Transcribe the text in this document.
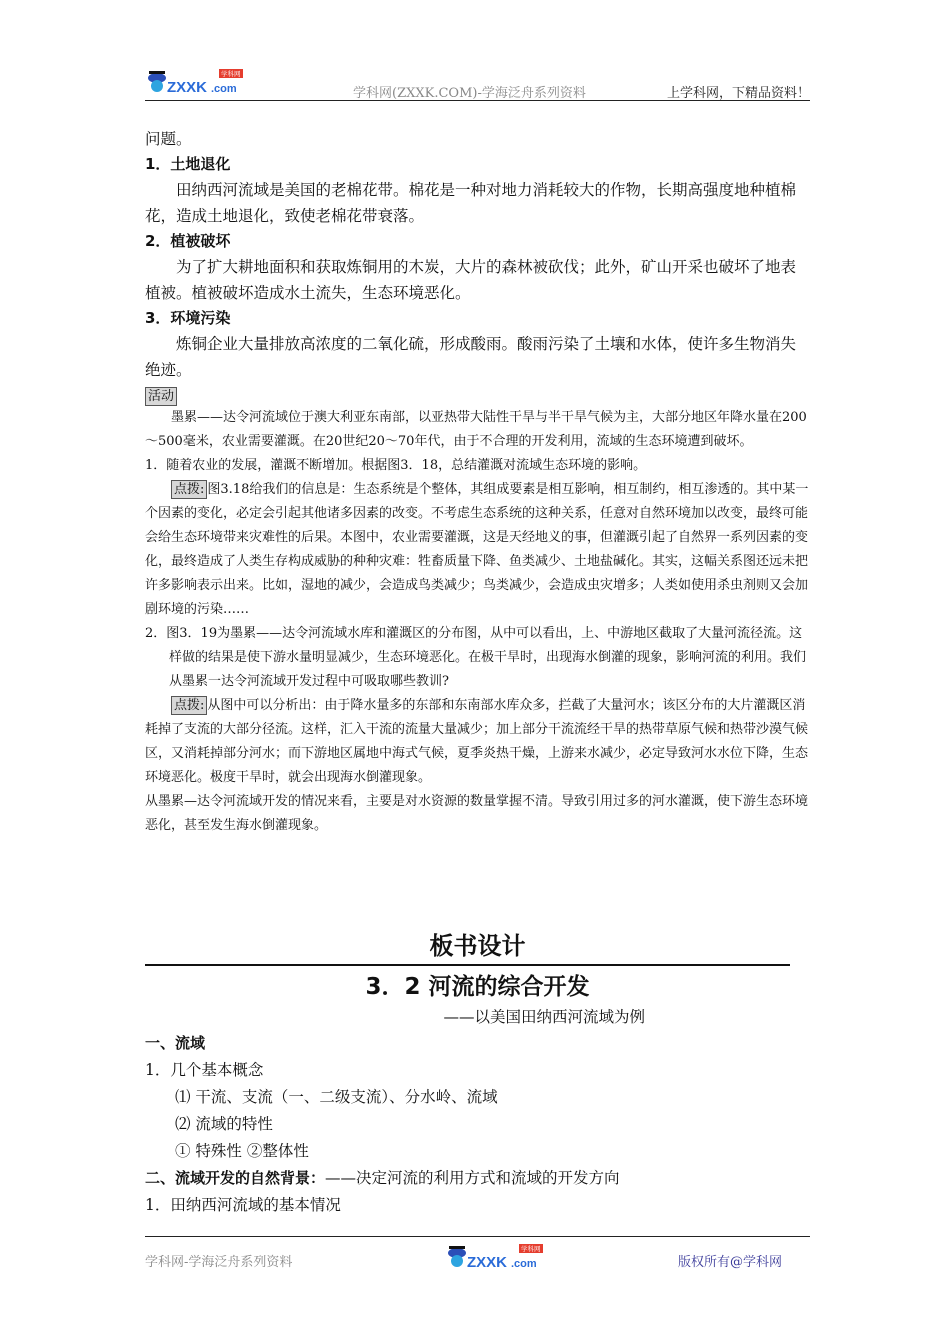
ZXXK .com
学科网
学科网(ZXXK.COM)-学海泛舟系列资料	上学科网，下精品资料！

问题。

1．土地退化

田纳西河流域是美国的老棉花带。棉花是一种对地力消耗较大的作物，长期高强度地种植棉花，造成土地退化，致使老棉花带衰落。

2．植被破坏

为了扩大耕地面积和获取炼铜用的木炭，大片的森林被砍伐；此外，矿山开采也破坏了地表植被。植被破坏造成水土流失，生态环境恶化。

3．环境污染

炼铜企业大量排放高浓度的二氧化硫，形成酸雨。酸雨污染了土壤和水体，使许多生物消失绝迹。

活动

墨累——达令河流域位于澳大利亚东南部，以亚热带大陆性干旱与半干旱气候为主，大部分地区年降水量在200～500毫米，农业需要灌溉。在20世纪20～70年代，由于不合理的开发利用，流域的生态环境遭到破坏。

1．随着农业的发展，灌溉不断增加。根据图3．18，总结灌溉对流域生态环境的影响。

点拨: 图3.18给我们的信息是：生态系统是个整体，其组成要素是相互影响，相互制约，相互渗透的。其中某一个因素的变化，必定会引起其他诸多因素的改变。不考虑生态系统的这种关系，任意对自然环境加以改变，最终可能会给生态环境带来灾难性的后果。本图中，农业需要灌溉，这是天经地义的事，但灌溉引起了自然界一系列因素的变化，最终造成了人类生存构成威胁的种种灾难：牲畜质量下降、鱼类减少、土地盐碱化。其实，这幅关系图还远未把许多影响表示出来。比如，湿地的减少，会造成鸟类减少；鸟类减少，会造成虫灾增多；人类如使用杀虫剂则又会加剧环境的污染……

2．图3．19为墨累——达令河流域水库和灌溉区的分布图，从中可以看出，上、中游地区截取了大量河流径流。这样做的结果是使下游水量明显减少，生态环境恶化。在极干旱时，出现海水倒灌的现象，影响河流的利用。我们从墨累一达令河流域开发过程中可吸取哪些教训?

点拨: 从图中可以分析出：由于降水量多的东部和东南部水库众多，拦截了大量河水；该区分布的大片灌溉区消耗掉了支流的大部分径流。这样，汇入干流的流量大量减少；加上部分干流流经干旱的热带草原气候和热带沙漠气候区，又消耗掉部分河水；而下游地区属地中海式气候，夏季炎热干燥，上游来水减少，必定导致河水水位下降，生态环境恶化。极度干旱时，就会出现海水倒灌现象。

从墨累—达令河流域开发的情况来看，主要是对水资源的数量掌握不清。导致引用过多的河水灌溉，使下游生态环境恶化，甚至发生海水倒灌现象。

板书设计
3．2 河流的综合开发
——以美国田纳西河流域为例

一、流域

1．几个基本概念

⑴ 干流、支流（一、二级支流）、分水岭、流域

⑵ 流域的特性

① 特殊性 ②整体性

二、流域开发的自然背景：——决定河流的利用方式和流域的开发方向

1．田纳西河流域的基本情况

学科网-学海泛舟系列资料	ZXXK .com
学科网
版权所有@学科网
